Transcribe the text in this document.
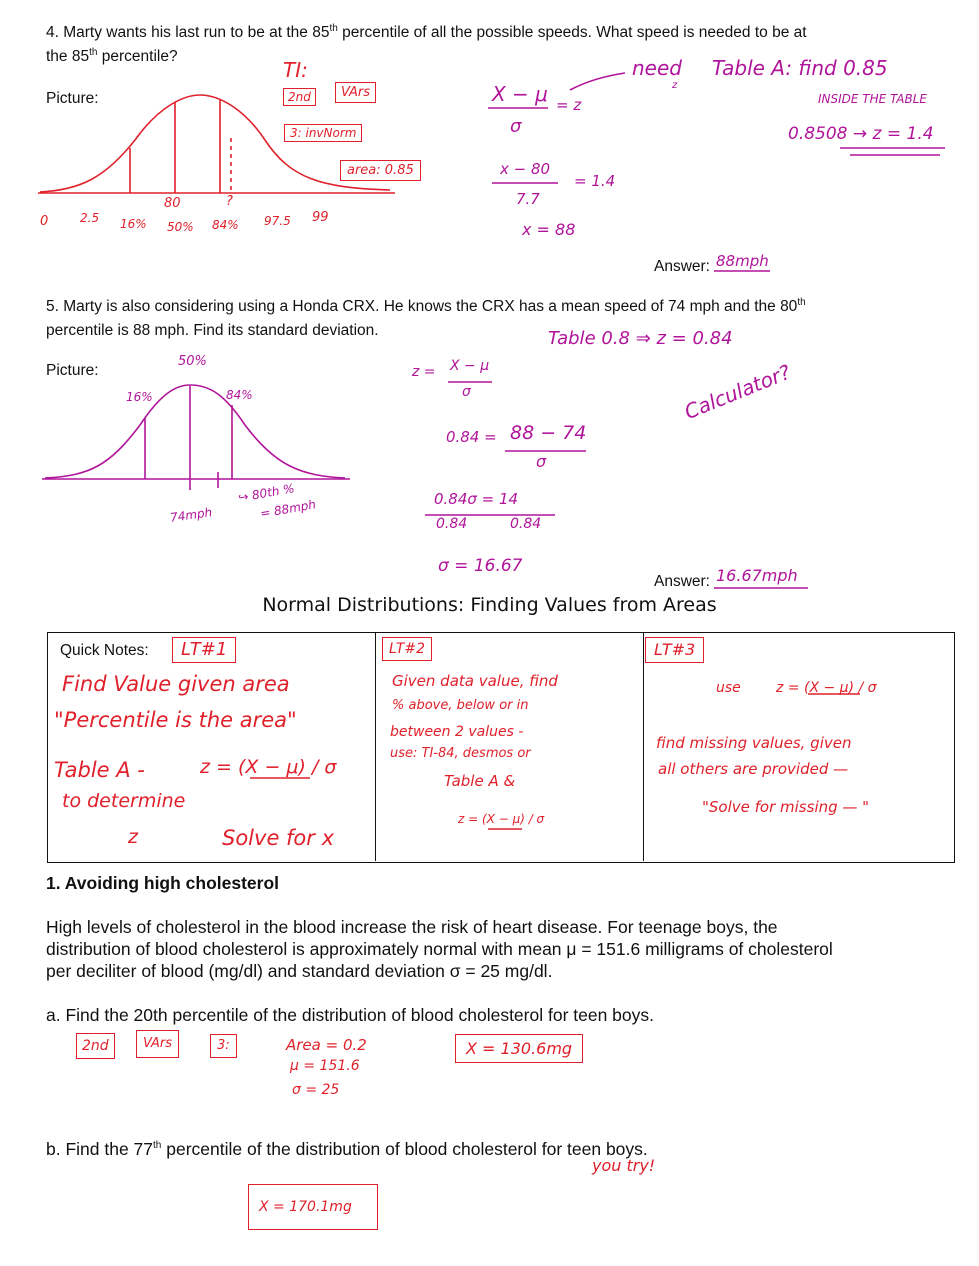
4. Marty wants his last run to be at the 85th percentile of all the possible speeds. What speed is needed to be at
the 85th percentile?
Picture:
TI:
2nd	VArs
3: invNorm
area: 0.85
X − μ = z
σ
x − 80
= 1.4
7.7
x = 88
need
z
Table A: find 0.85
INSIDE THE TABLE
0.8508 → z = 1.4
80	?
0	2.5 16% 50% 84% 97.5 99
Answer: 88mph
5. Marty is also considering using a Honda CRX. He knows the CRX has a mean speed of 74 mph and the 80th
percentile is 88 mph. Find its standard deviation.
Picture:
Table 0.8 ⇒ z = 0.84
z = X − μ
σ
0.84 = 88 − 74
σ
0.84σ = 14
0.84	0.84
σ = 16.67
Calculator?
50%
16%	84%
74mph
↪ 80th %
= 88mph
Answer: 16.67mph
Normal Distributions: Finding Values from Areas
Quick Notes:	LT#1
Find Value given area
"Percentile is the area"
Table A -
to determine
z
z = (X − μ) / σ
Solve for x
LT#2
Given data value, find
% above, below or in
between 2 values -
use: TI-84, desmos or
Table A &
z = (X − μ) / σ
LT#3
use	z = (X − μ) / σ
find missing values, given
all others are provided —
"Solve for missing — "
1. Avoiding high cholesterol
High levels of cholesterol in the blood increase the risk of heart disease. For teenage boys, the
distribution of blood cholesterol is approximately normal with mean μ = 151.6 milligrams of cholesterol
per deciliter of blood (mg/dl) and standard deviation σ = 25 mg/dl.
a. Find the 20th percentile of the distribution of blood cholesterol for teen boys.
2nd	VArs	3:	Area = 0.2
μ = 151.6
σ = 25
X = 130.6mg
b. Find the 77th percentile of the distribution of blood cholesterol for teen boys.
you try!
X = 170.1mg
